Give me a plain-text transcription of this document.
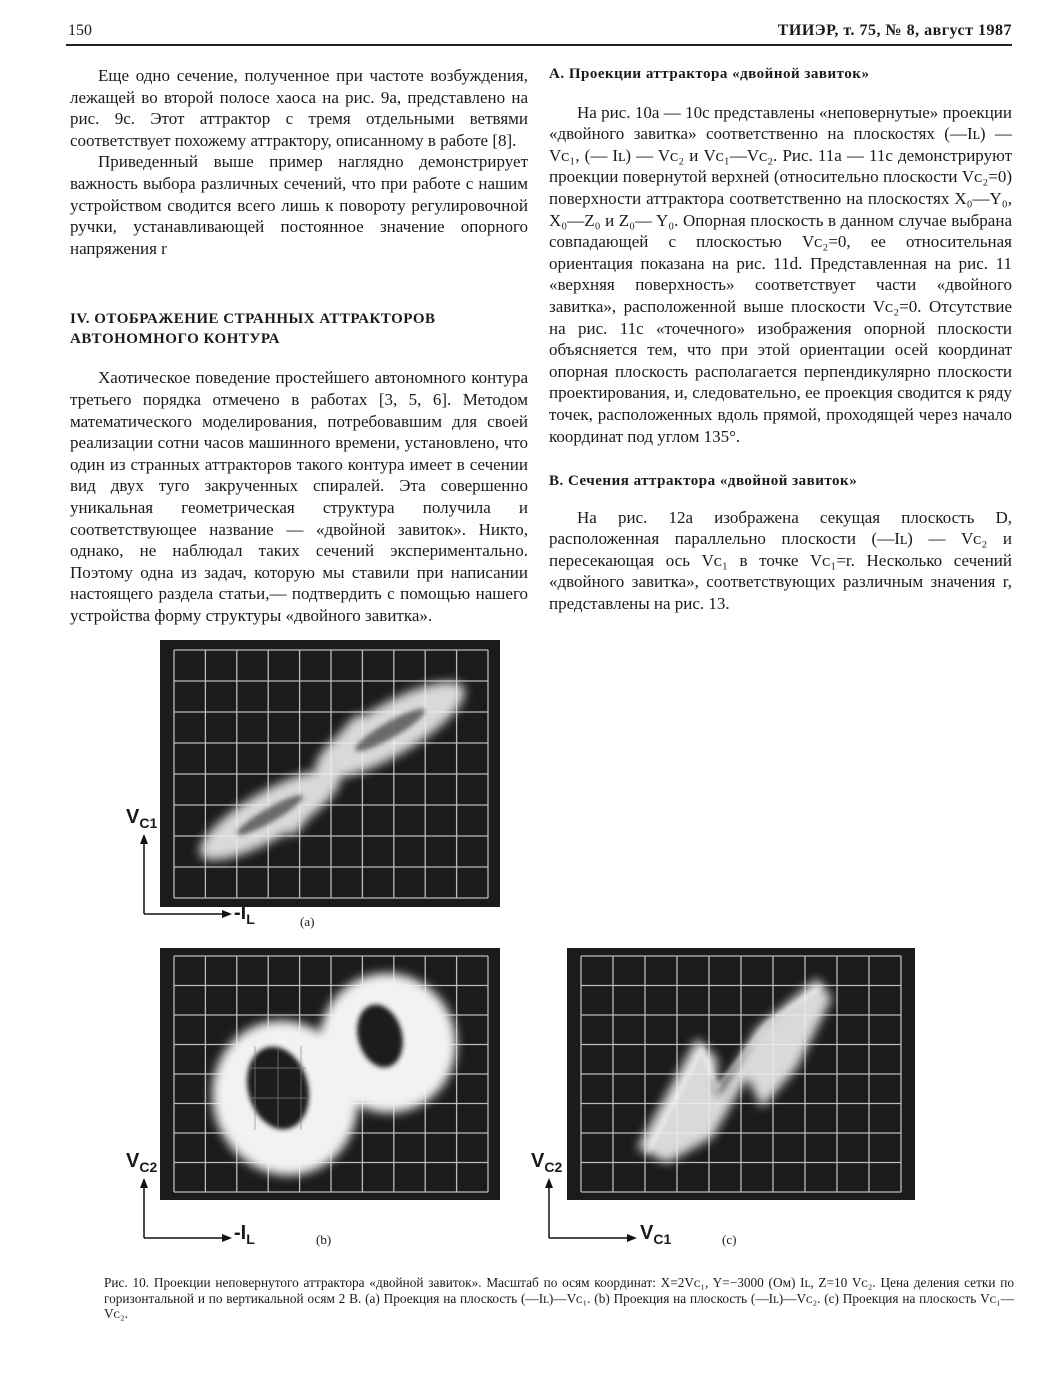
150	ТИИЭР, т. 75, № 8, август 1987

Еще одно сечение, полученное при частоте возбуждения, лежащей во второй полосе хаоса на рис. 9а, представлено на рис. 9с. Этот аттрактор с тремя отдельными ветвями соответствует похожему аттрактору, описанному в работе [8].

Приведенный выше пример наглядно демонстрирует важность выбора различных сечений, что при работе с нашим устройством сводится всего лишь к повороту регулировочной ручки, устанавливающей постоянное значение опорного напряжения r

IV. ОТОБРАЖЕНИЕ СТРАННЫХ АТТРАКТОРОВ АВТОНОМНОГО КОНТУРА

Хаотическое поведение простейшего автономного контура третьего порядка отмечено в работах [3, 5, 6]. Методом математического моделирования, потребовавшим для своей реализации сотни часов машинного времени, установлено, что один из странных аттракторов такого контура имеет в сечении вид двух туго закрученных спиралей. Эта совершенно уникальная геометрическая структура получила и соответствующее название — «двойной завиток». Никто, однако, не наблюдал таких сечений экспериментально. Поэтому одна из задач, которую мы ставили при написании настоящего раздела статьи,— подтвердить с помощью нашего устройства форму структуры «двойного завитка».

А. Проекции аттрактора «двойной завиток»

На рис. 10a — 10c представлены «неповернутые» проекции «двойного завитка» соответственно на плоскостях (—Iʟ) — Vᴄ₁, (— Iʟ) — Vᴄ₂ и Vᴄ₁—Vᴄ₂. Рис. 11a — 11c демонстрируют проекции повернутой верхней (относительно плоскости Vᴄ₂=0) поверхности аттрактора соответственно на плоскостях X₀—Y₀, X₀—Z₀ и Z₀— Y₀. Опорная плоскость в данном случае выбрана совпадающей с плоскостью Vᴄ₂=0, ее относительная ориентация показана на рис. 11d. Представленная на рис. 11 «верхняя поверхность» соответствует части «двойного завитка», расположенной выше плоскости Vᴄ₂=0. Отсутствие на рис. 11c «точечного» изображения опорной плоскости объясняется тем, что при этой ориентации осей координат опорная плоскость располагается перпендикулярно плоскости проектирования, и, следовательно, ее проекция сводится к ряду точек, расположенных вдоль прямой, проходящей через начало координат под углом 135°.

B. Сечения аттрактора «двойной завиток»

На рис. 12a изображена секущая плоскость D, расположенная параллельно плоскости (—Iʟ) — Vᴄ₂ и пересекающая ось Vᴄ₁ в точке Vᴄ₁=r. Несколько сечений «двойного завитка», соответствующих различным значения r, представлены на рис. 13.

$V_{C1}$
$-I_L$	(a)
$V_{C2}$
$-I_L$	(b)
$V_{C2}$
$V_{C1}$	(c)
Рис. 10. Проекции неповернутого аттрактора «двойной завиток». Масштаб по осям координат: X=2Vᴄ₁, Y=−3000 (Ом) Iʟ, Z=10 Vᴄ₂. Цена деления сетки по горизонтальной и по вертикальной осям 2 В. (a) Проекция на плоскость (—Iʟ)—Vᴄ₁. (b) Проекция на плоскость (—Iʟ)—Vᴄ₂. (c) Проекция на плоскость Vᴄ₁—Vᴄ₂.
